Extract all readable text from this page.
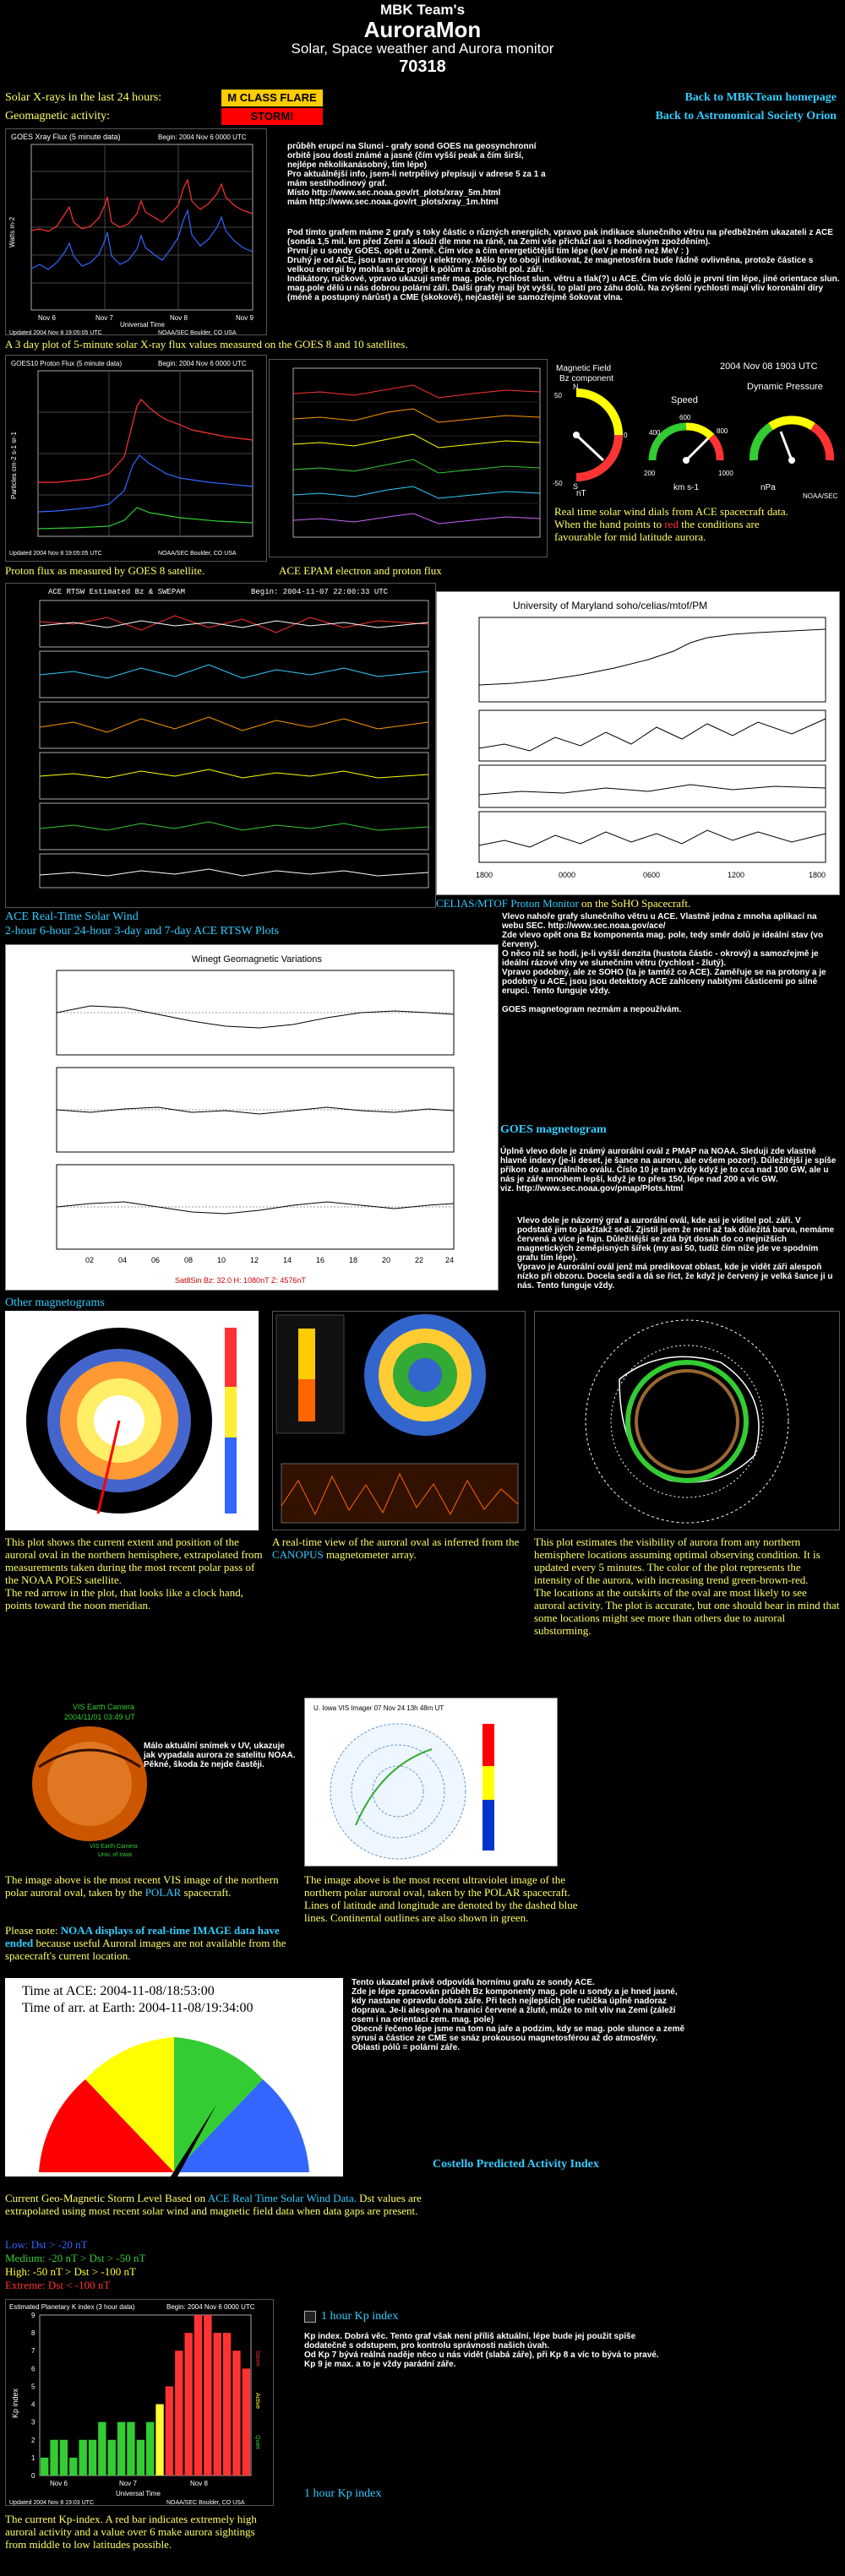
MBK Team's
AuroraMon
Solar, Space weather and Aurora monitor
70318
Solar X-rays in the last 24 hours:
Geomagnetic activity:
M CLASS FLARE
STORM!
Back to MBKTeam homepage
Back to Astronomical Society Orion
GOES Xray Flux (5 minute data)	Begin: 2004 Nov 6 0000 UTC
Watts m-2
Nov 6	Nov 7	Nov 8	Nov 9
Universal Time
Updated 2004 Nov 8 19:05:05 UTC	NOAA/SEC Boulder, CO USA
průběh erupcí na Slunci - grafy sond GOES na geosynchronní orbitě jsou dosti známé a jasné (čím vyšší peak a čím širší, nejlépe několikanásobný, tím lépe)
Pro aktuálnější info, jsem-li netrpělivý přepísuji v adrese 5 za 1 a mám sestihodinový graf.
Místo http://www.sec.noaa.gov/rt_plots/xray_5m.html
mám http://www.sec.noaa.gov/rt_plots/xray_1m.html
Pod tímto grafem máme 2 grafy s toky částic o různých energiích, vpravo pak indikace slunečního větru na předběžném ukazateli z ACE (sonda 1,5 mil. km před Zemí a slouží dle mne na ráně, na Zemi vše přichází asi s hodinovým zpožděním).
První je u sondy GOES, opět u Země. Čím více a čím energetičtější tím lépe (keV je méně než MeV : )
Druhý je od ACE, jsou tam protony i elektrony. Mělo by to obojí indikovat, že magnetosféra bude řádně ovlivněna, protože částice s velkou energií by mohla snáz projít k pólům a způsobit pol. záři.
Indikátory, ručkové, vpravo ukazují směr mag. pole, rychlost slun. větru a tlak(?) u ACE. Čím víc dolů je první tím lépe, jiné orientace slun. mag.pole dělú u nás dobrou polární záři. Další grafy mají být vyšší, to platí pro záhu dolů. Na zvýšení rychlosti mají vliv koronální díry (méně a postupný nárůst) a CME (skokově), nejčastěji se samozřejmě šokovat vlna.
A 3 day plot of 5-minute solar X-ray flux values measured on the GOES 8 and 10 satellites.
GOES10 Proton Flux (5 minute data)	Begin: 2004 Nov 6 0000 UTC
Particles cm-2 s-1 sr-1
Updated 2004 Nov 8 19:05:05 UTC	NOAA/SEC Boulder, CO USA
Proton flux as measured by GOES 8 satellite.	ACE EPAM electron and proton flux
2004 Nov 08 1903 UTC
Magnetic Field
Bz component
N
S
-50
0
50
nT
Speed
200
400
600
800
1000
km s-1
Dynamic Pressure
nPa
NOAA/SEC
Real time solar wind dials from ACE spacecraft data. When the hand points to red the conditions are favourable for mid latitude aurora.
ACE RTSW Estimated Bz & SWEPAM	Begin: 2004-11-07 22:00:33 UTC
ACE Real-Time Solar Wind
2-hour 6-hour 24-hour 3-day and 7-day ACE RTSW Plots
University of Maryland soho/celias/mtof/PM
1800	0000	0600	1200	1800
CELIAS/MTOF Proton Monitor on the SoHO Spacecraft.
Vlevo nahoře grafy slunečního větru u ACE. Vlastně jedna z mnoha aplikací na webu SEC. http://www.sec.noaa.gov/ace/
Zde vlevo opět ona Bz komponenta mag. pole, tedy směr dolů je ideální stav (vo červeny).
O něco níž se hodí, je-li vyšší denzita (hustota částic - okrový) a samozřejmě je ideální rázové vlny ve slunečním větru (rychlost - žlutý).
Vpravo podobný, ale ze SOHO (ta je tamtéž co ACE). Zaměřuje se na protony a je podobný u ACE, jsou jsou detektory ACE zahlceny nabitými částicemi po silné erupci. Tento funguje vždy.

GOES magnetogram nezmám a nepoužívám.
Winegt Geomagnetic Variations
02	04	06	08	10	12	14	16	18	20	22	24
Sat8Sin Bz: 32.0 H: 1080nT Z: 4576nT
GOES magnetogram
Úplně vlevo dole je známý aurorální ovál z PMAP na NOAA. Sleduji zde vlastně hlavně indexy (je-li deset, je šance na auroru, ale ovšem pozor!). Důležitější je spíše příkon do aurorálního oválu. Číslo 10 je tam vždy když je to cca nad 100 GW, ale u nás je záře mnohem lepší, když je to přes 150, lépe nad 200 a víc GW.
viz. http://www.sec.noaa.gov/pmap/Plots.html
Vlevo dole je názorný graf a aurorální ovál, kde asi je viditel pol. záři. V podstatě jim to jakžtakž sedí. Zjistil jsem že není až tak důležitá barva, nemáme červená a více je fajn. Důležitější se zdá být dosah do co nejnižších magnetických zeměpisných šířek (my asi 50, tudíž čím níže jde ve spodním grafu tím lépe).
Vpravo je Aurorální ovál jenž má predikovat oblast, kde je vidět záři alespoň nízko při obzoru. Docela sedí a dá se říct, že když je červený je velká šance ji u nás. Tento funguje vždy.
Other magnetograms
This plot shows the current extent and position of the auroral oval in the northern hemisphere, extrapolated from measurements taken during the most recent polar pass of the NOAA POES satellite.
The red arrow in the plot, that looks like a clock hand, points toward the noon meridian.
A real-time view of the auroral oval as inferred from the CANOPUS magnetometer array.
This plot estimates the visibility of aurora from any northern hemisphere locations assuming optimal observing condition. It is updated every 5 minutes. The color of the plot represents the intensity of the aurora, with increasing trend green-brown-red.
The locations at the outskirts of the oval are most likely to see auroral activity. The plot is accurate, but one should bear in mind that some locations might see more than others due to auroral substorming.
VIS Earth Camera
2004/11/01 03:49 UT
VIS Earth Camera
Univ. of Iowa
Málo aktuální snímek v UV, ukazuje jak vypadala aurora ze satelitu NOAA.
Pěkné, škoda že nejde častěji.
U. Iowa VIS Imager 07 Nov 24 13h 48m UT
The image above is the most recent VIS image of the northern polar auroral oval, taken by the POLAR spacecraft.
The image above is the most recent ultraviolet image of the northern polar auroral oval, taken by the POLAR spacecraft. Lines of latitude and longitude are denoted by the dashed blue lines. Continental outlines are also shown in green.
Please note: NOAA displays of real-time IMAGE data have ended because useful Auroral images are not available from the spacecraft's current location.
Time at ACE: 2004-11-08/18:53:00
Time of arr. at Earth: 2004-11-08/19:34:00
Tento ukazatel právě odpovídá hornímu grafu ze sondy ACE.
Zde je lépe zpracován průběh Bz komponenty mag. pole u sondy a je hned jasné, kdy nastane opravdu dobrá záře. Při tech nejlepších jde ručička úplně nadoraz doprava. Je-li alespoň na hranici červené a žluté, může to mít vliv na Zemi (záleží osem i na orientaci zem. mag. pole)
Obecně řečeno lépe jsme na tom na jaře a podzim, kdy se mag. pole slunce a země syrusí a částice ze CME se snáz prokousou magnetosférou až do atmosféry.
Oblasti pólů = polární záře.
Costello Predicted Activity Index
Current Geo-Magnetic Storm Level Based on ACE Real Time Solar Wind Data. Dst values are extrapolated using most recent solar wind and magnetic field data when data gaps are present.
Low: Dst > -20 nT
Medium: -20 nT > Dst > -50 nT
High: -50 nT > Dst > -100 nT
Extreme: Dst < -100 nT
Estimated Planetary K index (3 hour data)	Begin: 2004 Nov 6 0000 UTC
Kp index
Universal Time
Nov 6	Nov 7	Nov 8
Updated 2004 Nov 8 19:03 UTC	NOAA/SEC Boulder, CO USA
Storm
Active
Quiet
0
1
2
3
4
5
6
7
8
9
The current Kp-index. A red bar indicates extremely high auroral activity and a value over 6 make aurora sightings from middle to low latitudes possible.
1 hour Kp index
Kp index. Dobrá věc. Tento graf však není příliš aktuální, lépe bude jej použit spíše dodatečně s odstupem, pro kontrolu správnosti našich úvah.
Od Kp 7 bývá reálná naděje něco u nás vidět (slabá záře), při Kp 8 a víc to bývá to pravé. Kp 9 je max. a to je vždy parádní záře.
1 hour Kp index
